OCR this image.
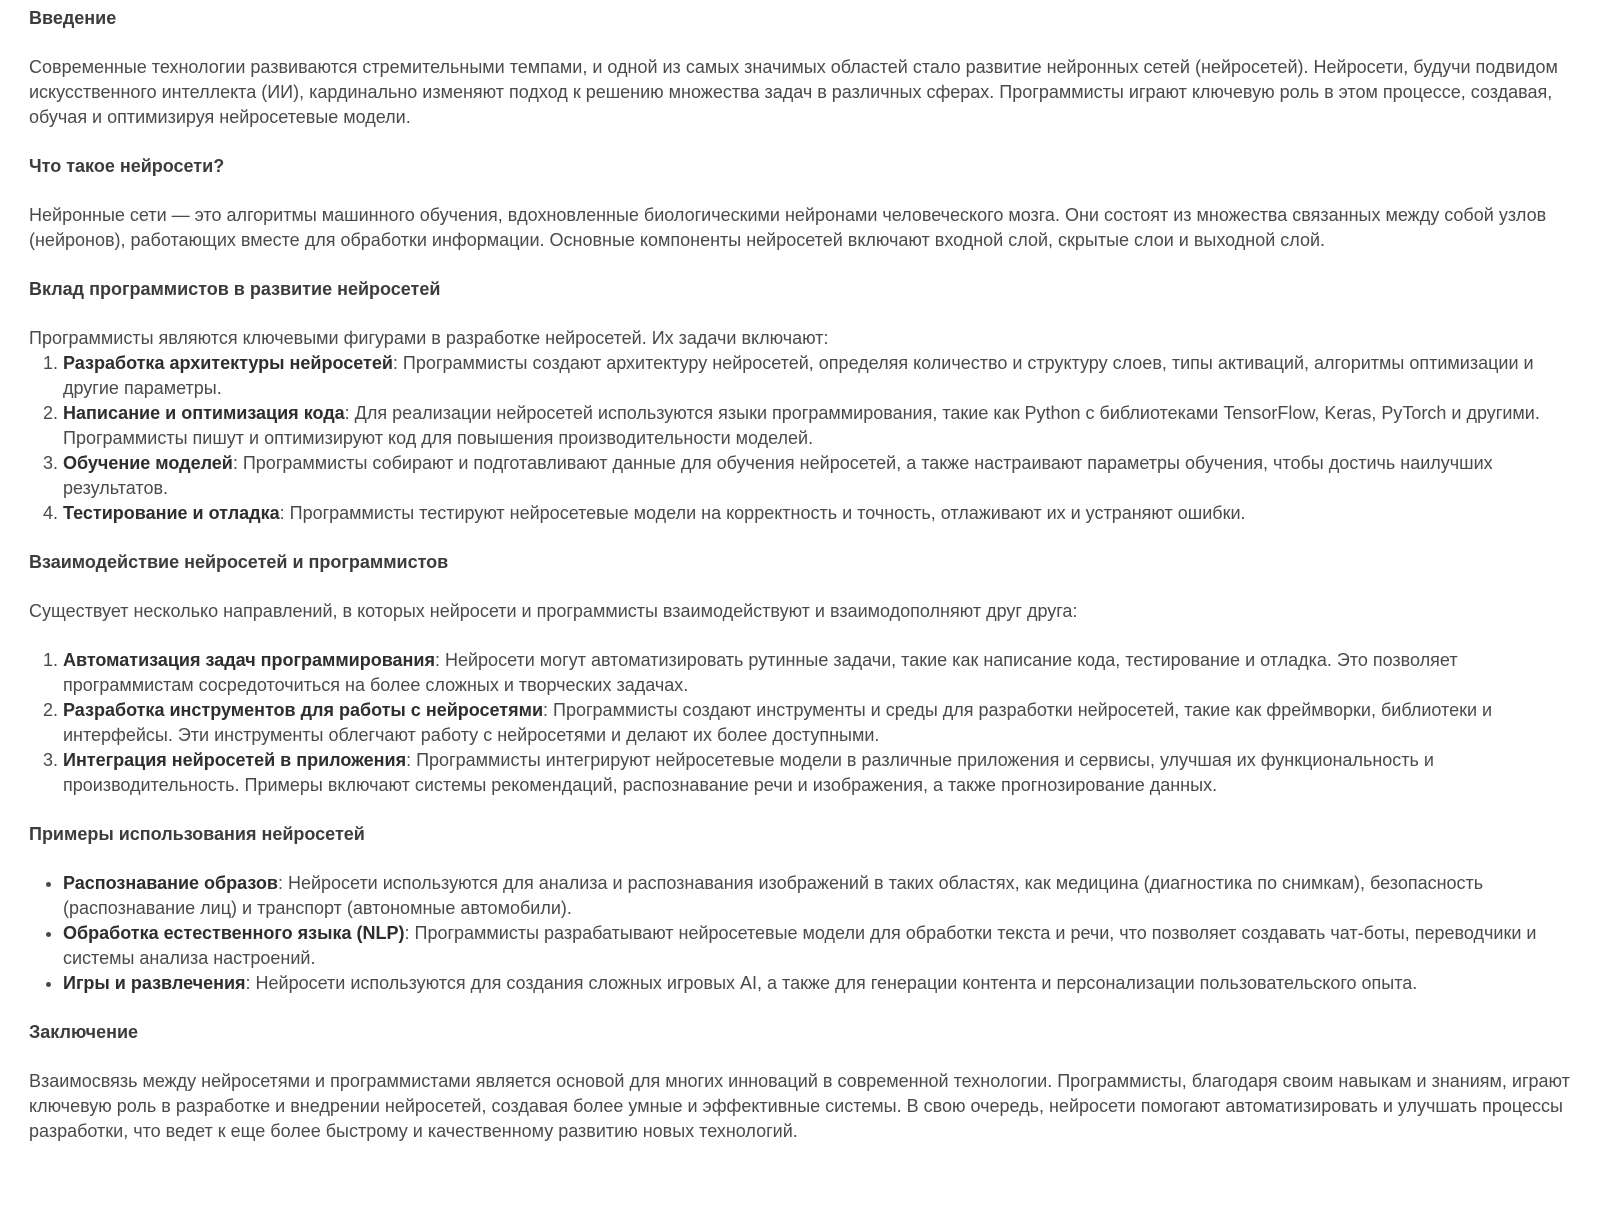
Введение

Современные технологии развиваются стремительными темпами, и одной из самых значимых областей стало развитие нейронных сетей (нейросетей). Нейросети, будучи подвидом искусственного интеллекта (ИИ), кардинально изменяют подход к решению множества задач в различных сферах. Программисты играют ключевую роль в этом процессе, создавая, обучая и оптимизируя нейросетевые модели.

Что такое нейросети?

Нейронные сети — это алгоритмы машинного обучения, вдохновленные биологическими нейронами человеческого мозга. Они состоят из множества связанных между собой узлов (нейронов), работающих вместе для обработки информации. Основные компоненты нейросетей включают входной слой, скрытые слои и выходной слой.

Вклад программистов в развитие нейросетей

Программисты являются ключевыми фигурами в разработке нейросетей. Их задачи включают:

1. Разработка архитектуры нейросетей: Программисты создают архитектуру нейросетей, определяя количество и структуру слоев, типы активаций, алгоритмы оптимизации и другие параметры.
2. Написание и оптимизация кода: Для реализации нейросетей используются языки программирования, такие как Python с библиотеками TensorFlow, Keras, PyTorch и другими. Программисты пишут и оптимизируют код для повышения производительности моделей.
3. Обучение моделей: Программисты собирают и подготавливают данные для обучения нейросетей, а также настраивают параметры обучения, чтобы достичь наилучших результатов.
4. Тестирование и отладка: Программисты тестируют нейросетевые модели на корректность и точность, отлаживают их и устраняют ошибки.
Взаимодействие нейросетей и программистов

Существует несколько направлений, в которых нейросети и программисты взаимодействуют и взаимодополняют друг друга:

1. Автоматизация задач программирования: Нейросети могут автоматизировать рутинные задачи, такие как написание кода, тестирование и отладка. Это позволяет программистам сосредоточиться на более сложных и творческих задачах.
2. Разработка инструментов для работы с нейросетями: Программисты создают инструменты и среды для разработки нейросетей, такие как фреймворки, библиотеки и интерфейсы. Эти инструменты облегчают работу с нейросетями и делают их более доступными.
3. Интеграция нейросетей в приложения: Программисты интегрируют нейросетевые модели в различные приложения и сервисы, улучшая их функциональность и производительность. Примеры включают системы рекомендаций, распознавание речи и изображения, а также прогнозирование данных.
Примеры использования нейросетей
• Распознавание образов: Нейросети используются для анализа и распознавания изображений в таких областях, как медицина (диагностика по снимкам), безопасность (распознавание лиц) и транспорт (автономные автомобили).
• Обработка естественного языка (NLP): Программисты разрабатывают нейросетевые модели для обработки текста и речи, что позволяет создавать чат-боты, переводчики и системы анализа настроений.
• Игры и развлечения: Нейросети используются для создания сложных игровых AI, а также для генерации контента и персонализации пользовательского опыта.
Заключение

Взаимосвязь между нейросетями и программистами является основой для многих инноваций в современной технологии. Программисты, благодаря своим навыкам и знаниям, играют ключевую роль в разработке и внедрении нейросетей, создавая более умные и эффективные системы. В свою очередь, нейросети помогают автоматизировать и улучшать процессы разработки, что ведет к еще более быстрому и качественному развитию новых технологий.
